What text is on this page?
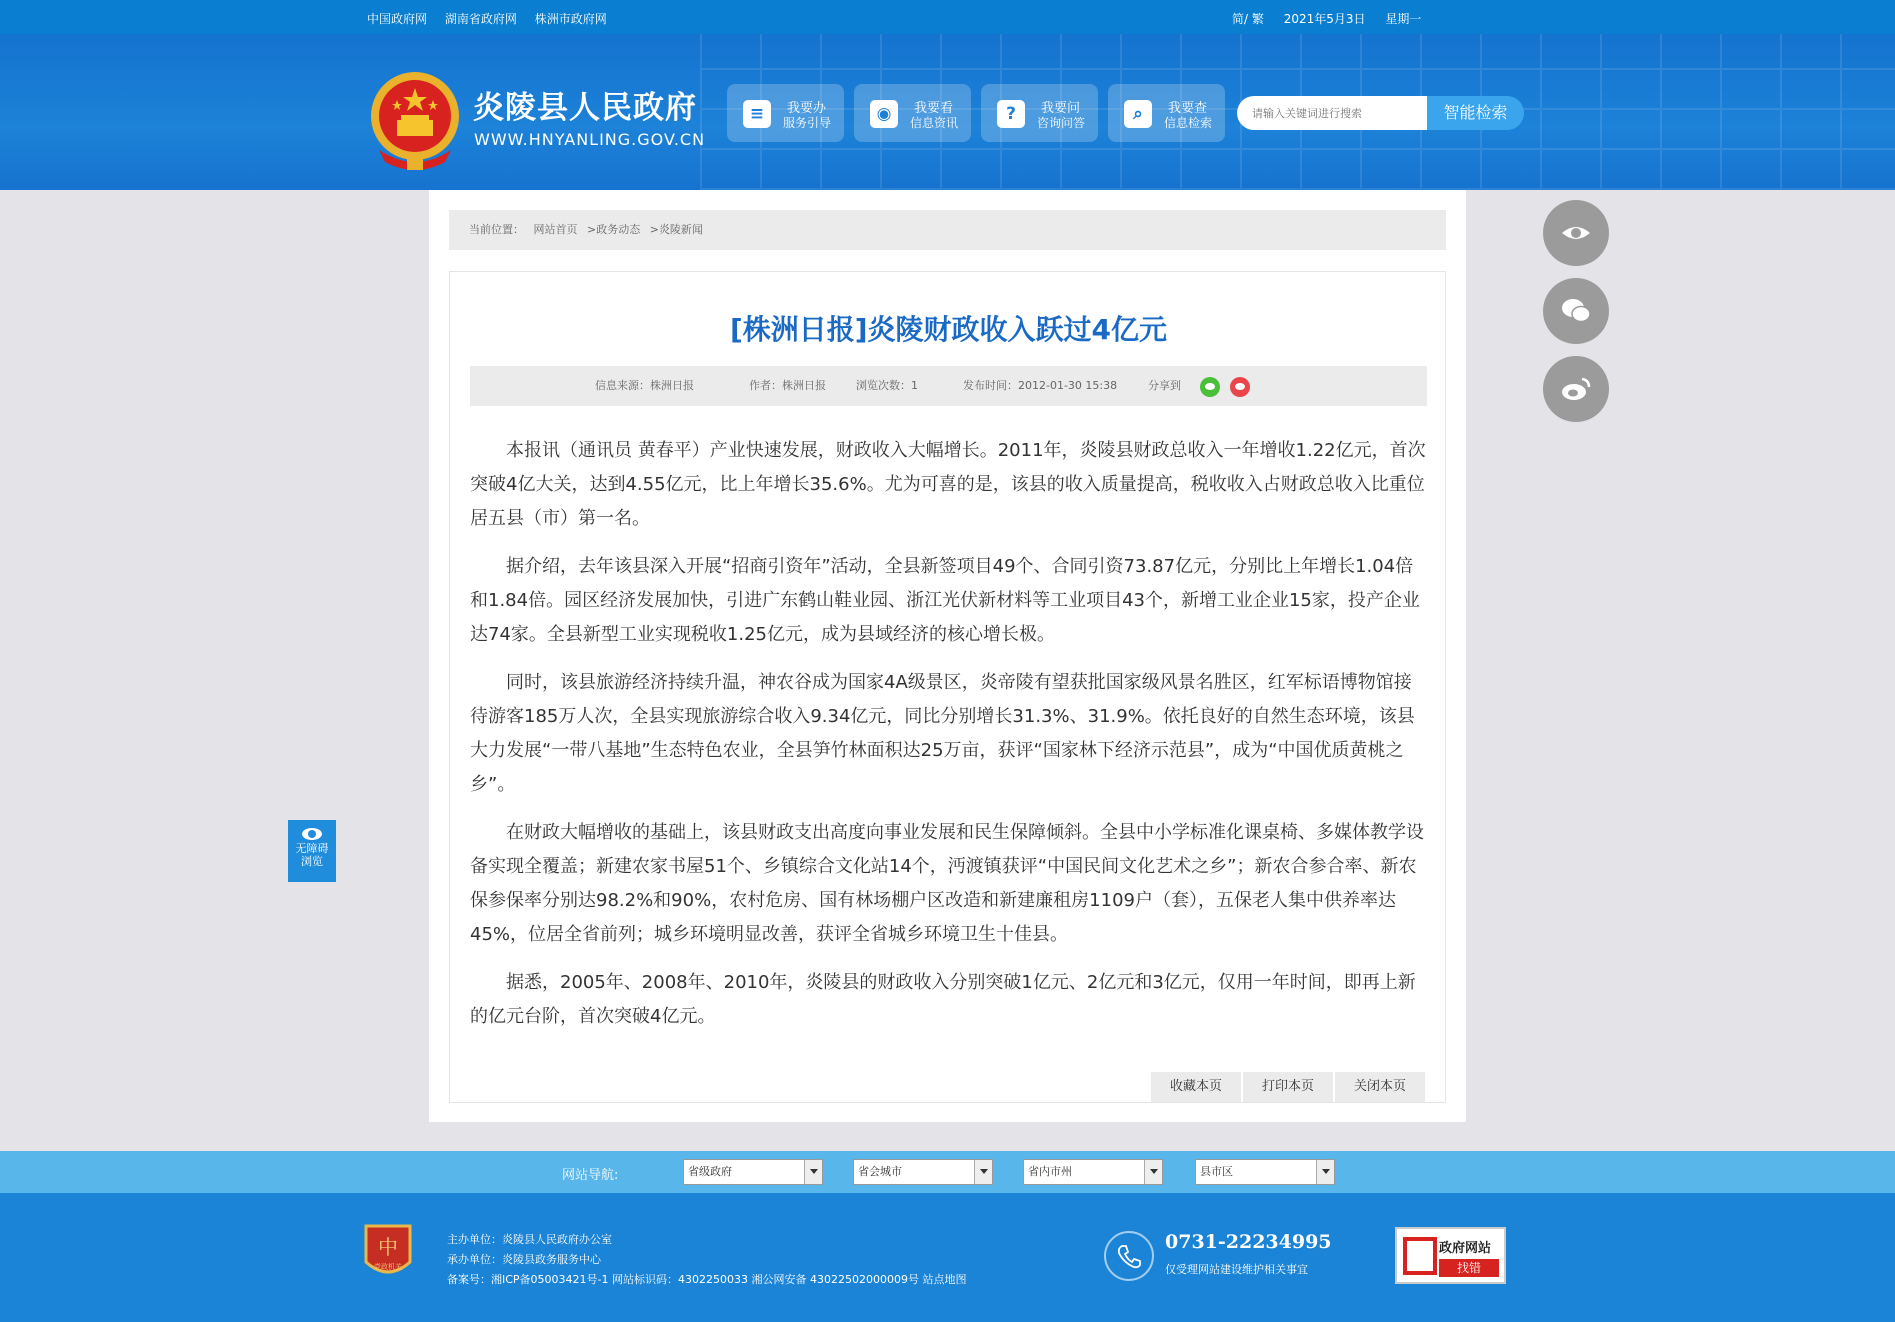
中国政府网 湖南省政府网 株洲市政府网	简/ 繁 2021年5月3日 星期一
炎陵县人民政府
WWW.HNYANLING.GOV.CN
≡	我要办
服务引导	◉	我要看
信息资讯	?	我要问
咨询问答	⌕	我要查
信息检索
请输入关键词进行搜索
智能检索
当前位置： 网站首页 >政务动态 >炎陵新闻
[株洲日报]炎陵财政收入跃过4亿元
信息来源：株洲日报	作者：株洲日报	浏览次数：1	发布时间：2012-01-30 15:38	分享到

本报讯（通讯员 黄春平）产业快速发展，财政收入大幅增长。2011年，炎陵县财政总收入一年增收1.22亿元，首次突破4亿大关，达到4.55亿元，比上年增长35.6%。尤为可喜的是，该县的收入质量提高，税收收入占财政总收入比重位居五县（市）第一名。

据介绍，去年该县深入开展“招商引资年”活动，全县新签项目49个、合同引资73.87亿元，分别比上年增长1.04倍和1.84倍。园区经济发展加快，引进广东鹤山鞋业园、浙江光伏新材料等工业项目43个，新增工业企业15家，投产企业达74家。全县新型工业实现税收1.25亿元，成为县域经济的核心增长极。

同时，该县旅游经济持续升温，神农谷成为国家4A级景区，炎帝陵有望获批国家级风景名胜区，红军标语博物馆接待游客185万人次，全县实现旅游综合收入9.34亿元，同比分别增长31.3%、31.9%。依托良好的自然生态环境，该县大力发展“一带八基地”生态特色农业，全县笋竹林面积达25万亩，获评“国家林下经济示范县”，成为“中国优质黄桃之乡”。

在财政大幅增收的基础上，该县财政支出高度向事业发展和民生保障倾斜。全县中小学标准化课桌椅、多媒体教学设备实现全覆盖；新建农家书屋51个、乡镇综合文化站14个，沔渡镇获评“中国民间文化艺术之乡”；新农合参合率、新农保参保率分别达98.2%和90%，农村危房、国有林场棚户区改造和新建廉租房1109户（套），五保老人集中供养率达45%，位居全省前列；城乡环境明显改善，获评全省城乡环境卫生十佳县。

据悉，2005年、2008年、2010年，炎陵县的财政收入分别突破1亿元、2亿元和3亿元，仅用一年时间，即再上新的亿元台阶，首次突破4亿元。

收藏本页	打印本页	关闭本页
无障碍
浏览
网站导航:	省级政府	省会城市	省内市州	县市区
中
党政机关
主办单位：炎陵县人民政府办公室
承办单位：炎陵县政务服务中心
备案号：湘ICP备05003421号-1 网站标识码：4302250033 湘公网安备 43022502000009号 站点地图
0731-22234995
仅受理网站建设维护相关事宜
政府网站
找错
